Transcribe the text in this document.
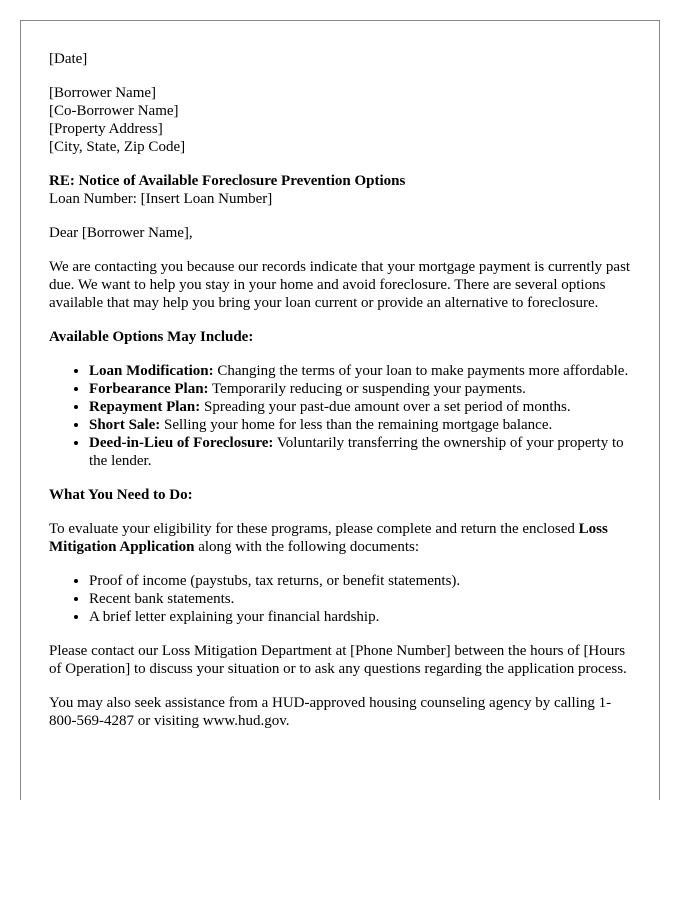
[Date]

[Borrower Name]
[Co-Borrower Name]
[Property Address]
[City, State, Zip Code]
RE: Notice of Available Foreclosure Prevention Options
Loan Number: [Insert Loan Number]

Dear [Borrower Name],

We are contacting you because our records indicate that your mortgage payment is currently past due. We want to help you stay in your home and avoid foreclosure. There are several options available that may help you bring your loan current or provide an alternative to foreclosure.

Available Options May Include:

• Loan Modification: Changing the terms of your loan to make payments more affordable.
• Forbearance Plan: Temporarily reducing or suspending your payments.
• Repayment Plan: Spreading your past-due amount over a set period of months.
• Short Sale: Selling your home for less than the remaining mortgage balance.
• Deed-in-Lieu of Foreclosure: Voluntarily transferring the ownership of your property to the lender.

What You Need to Do:

To evaluate your eligibility for these programs, please complete and return the enclosed Loss Mitigation Application along with the following documents:

• Proof of income (paystubs, tax returns, or benefit statements).
• Recent bank statements.
• A brief letter explaining your financial hardship.

Please contact our Loss Mitigation Department at [Phone Number] between the hours of [Hours of Operation] to discuss your situation or to ask any questions regarding the application process.

You may also seek assistance from a HUD-approved housing counseling agency by calling 1-800-569-4287 or visiting www.hud.gov.
